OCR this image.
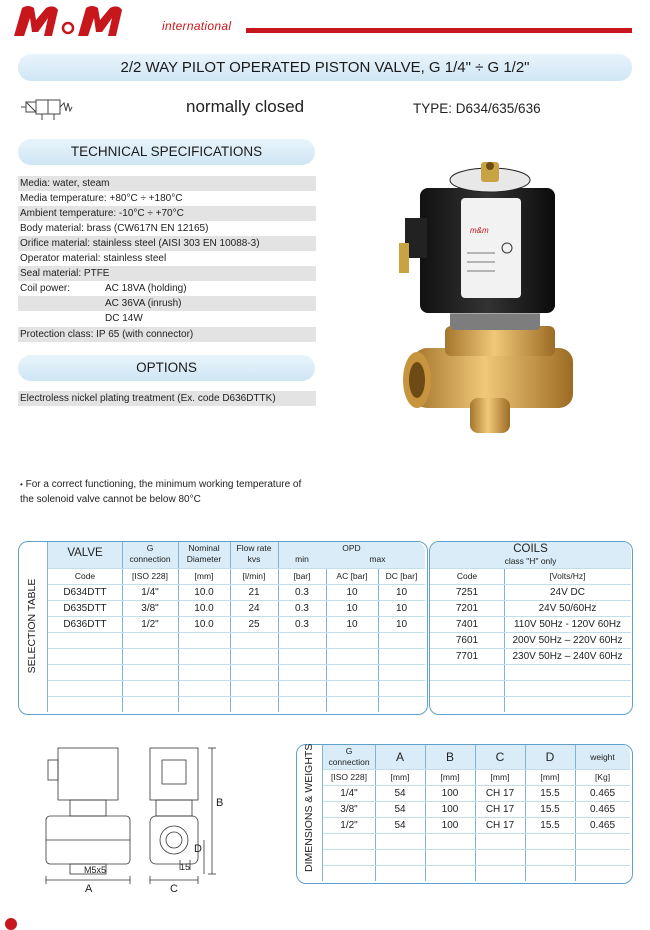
international
2/2 WAY PILOT OPERATED PISTON VALVE, G 1/4" ÷ G 1/2"
normally closed	TYPE: D634/635/636
TECHNICAL SPECIFICATIONS
Media: water, steam
Media temperature: +80°C ÷ +180°C
Ambient temperature: -10°C ÷ +70°C
Body material: brass (CW617N EN 12165)
Orifice material: stainless steel (AISI 303 EN 10088-3)
Operator material: stainless steel
Seal material: PTFE
Coil power:	AC 18VA (holding)
AC 36VA (inrush)
DC 14W
Protection class: IP 65 (with connector)
OPTIONS
Electroless nickel plating treatment (Ex. code D636DTTK)
m&m
• For a correct functioning, the minimum working temperature of
the solenoid valve cannot be below 80°C
SELECTION TABLE
VALVE	G
connection
Nominal
Diameter
Flow rate
kvs
OPD
min	max
Code	[ISO 228]	[mm]	[l/min]	[bar]	AC [bar]	DC [bar]
D634DTT	1/4"	10.0	21	0.3	10	10
D635DTT	3/8"	10.0	24	0.3	10	10
D636DTT	1/2"	10.0	25	0.3	10	10
COILS
class "H" only
Code	[Volts/Hz]
7251	24V DC
7201	24V 50/60Hz
7401	110V 50Hz - 120V 60Hz
7601	200V 50Hz – 220V 60Hz
7701	230V 50Hz – 240V 60Hz
M5x5
A	C
B
D
15	DIMENSIONS & WEIGHTS	G
connection	A	B	C	D	weight
[ISO 228]	[mm]	[mm]	[mm]	[mm]	[Kg]
1/4"	54	100	CH 17	15.5	0.465
3/8"	54	100	CH 17	15.5	0.465
1/2"	54	100	CH 17	15.5	0.465
